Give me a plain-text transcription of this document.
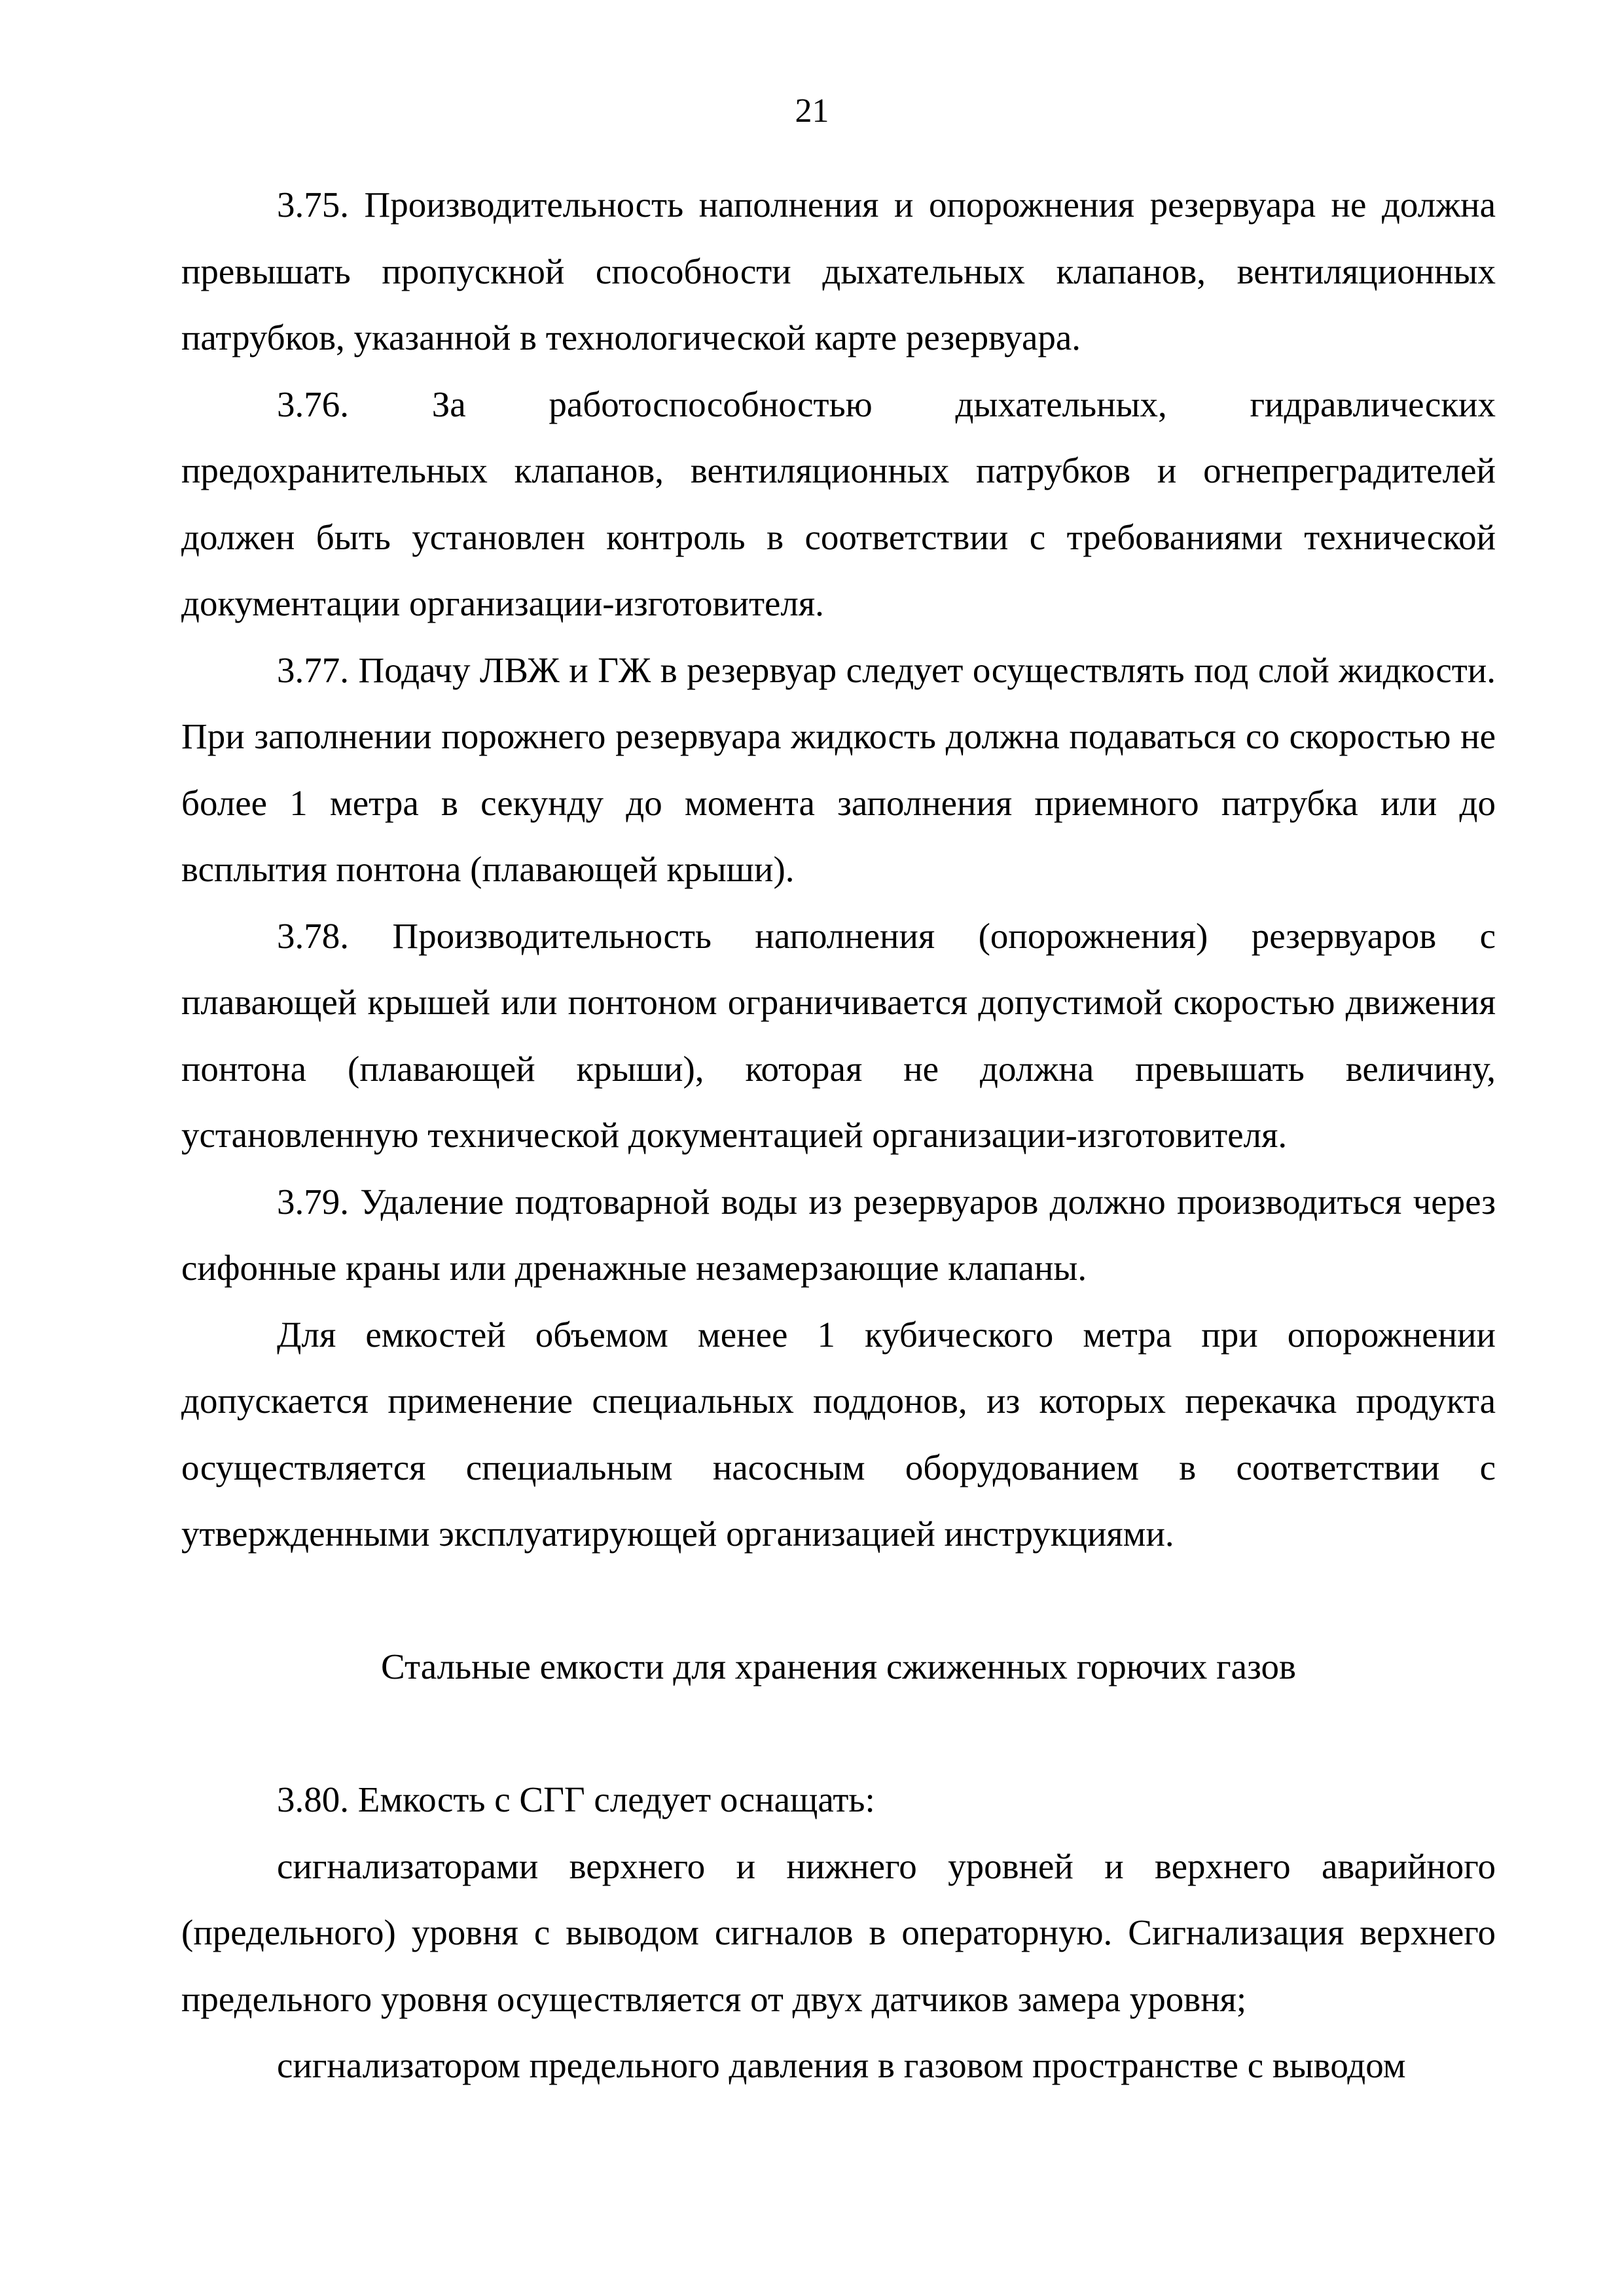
21

3.75. Производительность наполнения и опорожнения резервуара не должна превышать пропускной способности дыхательных клапанов, вентиляционных патрубков, указанной в технологической карте резервуара.

3.76. За работоспособностью дыхательных, гидравлических предохранительных клапанов, вентиляционных патрубков и огнепреградителей должен быть установлен контроль в соответствии с требованиями технической документации организации-изготовителя.

3.77. Подачу ЛВЖ и ГЖ в резервуар следует осуществлять под слой жидкости. При заполнении порожнего резервуара жидкость должна подаваться со скоростью не более 1 метра в секунду до момента заполнения приемного патрубка или до всплытия понтона (плавающей крыши).

3.78. Производительность наполнения (опорожнения) резервуаров с плавающей крышей или понтоном ограничивается допустимой скоростью движения понтона (плавающей крыши), которая не должна превышать величину, установленную технической документацией организации-изготовителя.

3.79. Удаление подтоварной воды из резервуаров должно производиться через сифонные краны или дренажные незамерзающие клапаны.

Для емкостей объемом менее 1 кубического метра при опорожнении допускается применение специальных поддонов, из которых перекачка продукта осуществляется специальным насосным оборудованием в соответствии с утвержденными эксплуатирующей организацией инструкциями.

Стальные емкости для хранения сжиженных горючих газов

3.80. Емкость с СГГ следует оснащать:

сигнализаторами верхнего и нижнего уровней и верхнего аварийного (предельного) уровня с выводом сигналов в операторную. Сигнализация верхнего предельного уровня осуществляется от двух датчиков замера уровня;

сигнализатором предельного давления в газовом пространстве с выводом
